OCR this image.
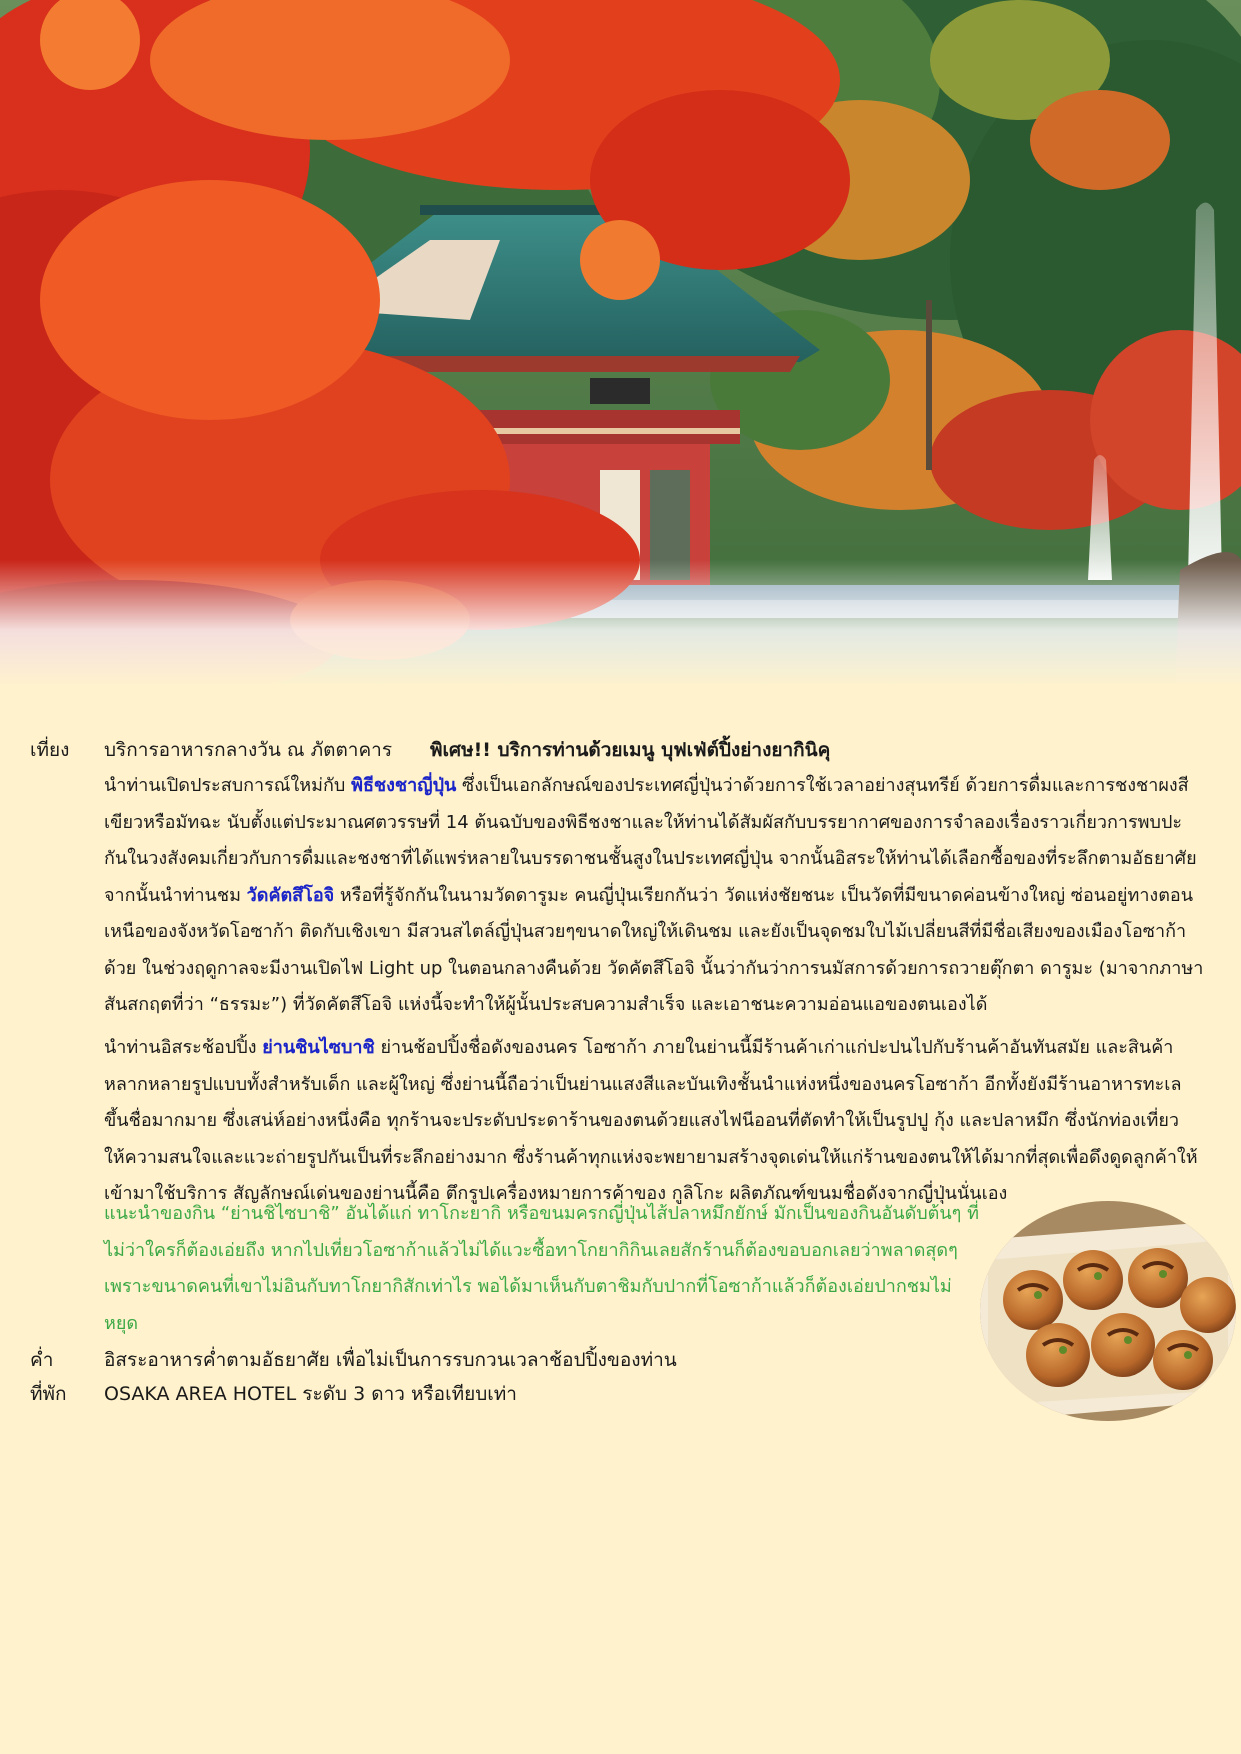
เที่ยง	บริการอาหารกลางวัน ณ ภัตตาคาร พิเศษ!! บริการท่านด้วยเมนู บุฟเฟ่ต์ปิ้งย่างยากินิคุ
นำท่านเปิดประสบการณ์ใหม่กับ พิธีชงชาญี่ปุ่น ซึ่งเป็นเอกลักษณ์ของประเทศญี่ปุ่นว่าด้วยการใช้เวลาอย่างสุนทรีย์ ด้วยการดื่มและการชงชาผงสี
เขียวหรือมัทฉะ นับตั้งแต่ประมาณศตวรรษที่ 14 ต้นฉบับของพิธีชงชาและให้ท่านได้สัมผัสกับบรรยากาศของการจำลองเรื่องราวเกี่ยวการพบปะ
กันในวงสังคมเกี่ยวกับการดื่มและชงชาที่ได้แพร่หลายในบรรดาชนชั้นสูงในประเทศญี่ปุ่น จากนั้นอิสระให้ท่านได้เลือกซื้อของที่ระลึกตามอัธยาศัย
จากนั้นนำท่านชม วัดคัตสึโอจิ หรือที่รู้จักกันในนามวัดดารูมะ คนญี่ปุ่นเรียกกันว่า วัดแห่งชัยชนะ เป็นวัดที่มีขนาดค่อนข้างใหญ่ ซ่อนอยู่ทางตอน
เหนือของจังหวัดโอซาก้า ติดกับเชิงเขา มีสวนสไตล์ญี่ปุ่นสวยๆขนาดใหญ่ให้เดินชม และยังเป็นจุดชมใบไม้เปลี่ยนสีที่มีชื่อเสียงของเมืองโอซาก้า
ด้วย ในช่วงฤดูกาลจะมีงานเปิดไฟ Light up ในตอนกลางคืนด้วย วัดคัตสึโอจิ นั้นว่ากันว่าการนมัสการด้วยการถวายตุ๊กตา ดารูมะ (มาจากภาษา
สันสกฤตที่ว่า “ธรรมะ”) ที่วัดคัตสึโอจิ แห่งนี้จะทำให้ผู้นั้นประสบความสำเร็จ และเอาชนะความอ่อนแอของตนเองได้
นำท่านอิสระช้อปปิ้ง ย่านชินไซบาชิ ย่านช้อปปิ้งชื่อดังของนคร โอซาก้า ภายในย่านนี้มีร้านค้าเก่าแก่ปะปนไปกับร้านค้าอันทันสมัย และสินค้า
หลากหลายรูปแบบทั้งสำหรับเด็ก และผู้ใหญ่ ซึ่งย่านนี้ถือว่าเป็นย่านแสงสีและบันเทิงชั้นนำแห่งหนึ่งของนครโอซาก้า อีกทั้งยังมีร้านอาหารทะเล
ขึ้นชื่อมากมาย ซึ่งเสน่ห์อย่างหนึ่งคือ ทุกร้านจะประดับประดาร้านของตนด้วยแสงไฟนีออนที่ตัดทำให้เป็นรูปปู กุ้ง และปลาหมึก ซึ่งนักท่องเที่ยว
ให้ความสนใจและแวะถ่ายรูปกันเป็นที่ระลึกอย่างมาก ซึ่งร้านค้าทุกแห่งจะพยายามสร้างจุดเด่นให้แก่ร้านของตนให้ได้มากที่สุดเพื่อดึงดูดลูกค้าให้
เข้ามาใช้บริการ สัญลักษณ์เด่นของย่านนี้คือ ตึกรูปเครื่องหมายการค้าของ กูลิโกะ ผลิตภัณฑ์ขนมชื่อดังจากญี่ปุ่นนั่นเอง
แนะนำของกิน “ย่านชิไซบาชิ” อันได้แก่ ทาโกะยากิ หรือขนมครกญี่ปุ่นไส้ปลาหมึกยักษ์ มักเป็นของกินอันดับต้นๆ ที่
ไม่ว่าใครก็ต้องเอ่ยถึง หากไปเที่ยวโอซาก้าแล้วไม่ได้แวะซื้อทาโกยากิกินเลยสักร้านก็ต้องขอบอกเลยว่าพลาดสุดๆ
เพราะขนาดคนที่เขาไม่อินกับทาโกยากิสักเท่าไร พอได้มาเห็นกับตาชิมกับปากที่โอซาก้าแล้วก็ต้องเอ่ยปากชมไม่
หยุด
ค่ำ	อิสระอาหารค่ำตามอัธยาศัย เพื่อไม่เป็นการรบกวนเวลาช้อปปิ้งของท่าน
ที่พัก	OSAKA AREA HOTEL ระดับ 3 ดาว หรือเทียบเท่า
